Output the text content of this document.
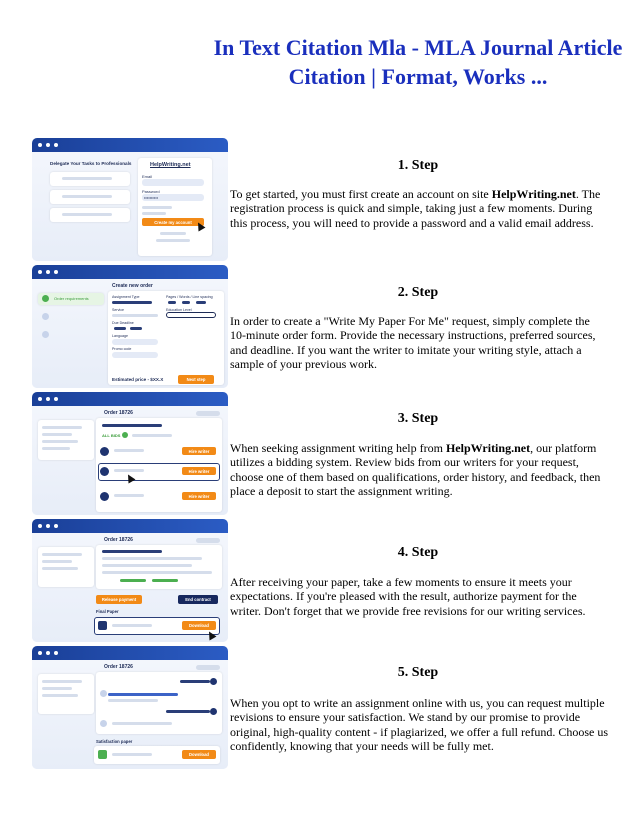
In Text Citation Mla - MLA Journal Article Citation | Format, Works ...
Delegate Your Tasks to Professionals	HelpWriting.net
Email
Password
••••••••••
Create my account
1. Step

To get started, you must first create an account on site HelpWriting.net. The registration process is quick and simple, taking just a few moments. During this process, you will need to provide a password and a valid email address.

Create new order
Order requirements	Assignment Type	Pages / Words / Line spacing
Service	Education Level
Due Deadline
Language
Promo code
Estimated price - $XX.X	Next step
2. Step

In order to create a "Write My Paper For Me" request, simply complete the 10-minute order form. Provide the necessary instructions, preferred sources, and deadline. If you want the writer to imitate your writing style, attach a sample of your previous work.

Order 18726
ALL BIDS
Hire writer
Hire writer
Hire writer
3. Step

When seeking assignment writing help from HelpWriting.net, our platform utilizes a bidding system. Review bids from our writers for your request, choose one of them based on qualifications, order history, and feedback, then place a deposit to start the assignment writing.

Order 18726
Release payment	End contract
Final Paper
Download
4. Step

After receiving your paper, take a few moments to ensure it meets your expectations. If you're pleased with the result, authorize payment for the writer. Don't forget that we provide free revisions for our writing services.

Order 18726
Satisfaction paper
Download
5. Step

When you opt to write an assignment online with us, you can request multiple revisions to ensure your satisfaction. We stand by our promise to provide original, high-quality content - if plagiarized, we offer a full refund. Choose us confidently, knowing that your needs will be fully met.
